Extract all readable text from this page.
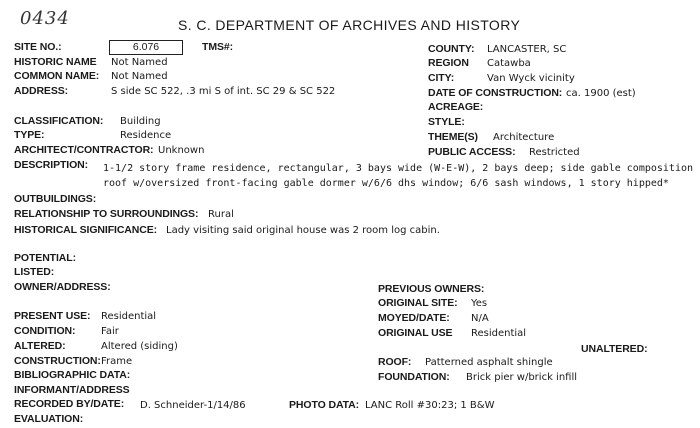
0434	S. C. DEPARTMENT OF ARCHIVES AND HISTORY
SITE NO.:	6.076	TMS#:
HISTORIC NAME Not Named
COMMON NAME: Not Named
ADDRESS:	S side SC 522, .3 mi S of int. SC 29 & SC 522
CLASSIFICATION: Building
TYPE:	Residence
ARCHITECT/CONTRACTOR: Unknown
COUNTY: LANCASTER, SC
REGION Catawba
CITY:	Van Wyck vicinity
DATE OF CONSTRUCTION: ca. 1900 (est)
ACREAGE:
STYLE:
THEME(S) Architecture
PUBLIC ACCESS: Restricted
DESCRIPTION: 1-1/2 story frame residence, rectangular, 3 bays wide (W-E-W), 2 bays deep; side gable composition
roof w/oversized front-facing gable dormer w/6/6 dhs window; 6/6 sash windows, 1 story hipped*
OUTBUILDINGS:
RELATIONSHIP TO SURROUNDINGS: Rural
HISTORICAL SIGNIFICANCE: Lady visiting said original house was 2 room log cabin.
POTENTIAL:
LISTED:
OWNER/ADDRESS:	PREVIOUS OWNERS:
ORIGINAL SITE: Yes
MOYED/DATE: N/A
ORIGINAL USE Residential
UNALTERED:
ROOF: Patterned asphalt shingle
FOUNDATION: Brick pier w/brick infill
PRESENT USE: Residential
CONDITION:	Fair
ALTERED:	Altered (siding)
CONSTRUCTION: Frame
BIBLIOGRAPHIC DATA:
INFORMANT/ADDRESS
RECORDED BY/DATE: D. Schneider-1/14/86	PHOTO DATA: LANC Roll #30:23; 1 B&W
EVALUATION:
